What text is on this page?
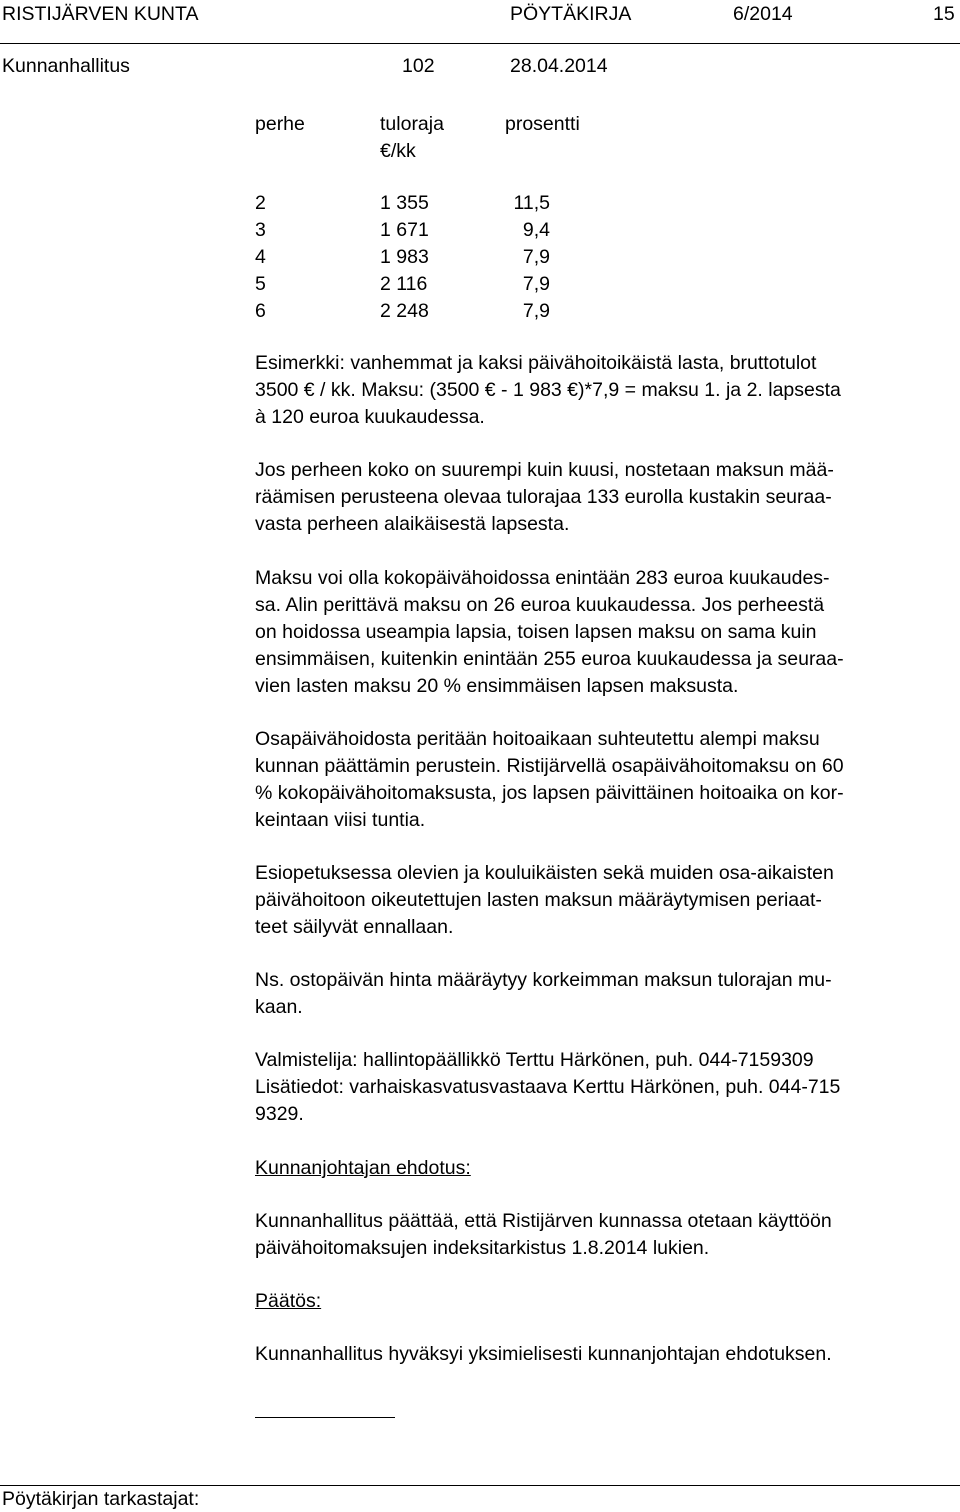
RISTIJÄRVEN KUNTA	PÖYTÄKIRJA	6/2014	15
Kunnanhallitus	102	28.04.2014
perhe	tuloraja	prosentti
€/kk
2	1 355	11,5
3	1 671	9,4
4	1 983	7,9
5	2 116	7,9
6	2 248	7,9
Esimerkki: vanhemmat ja kaksi päivähoitoikäistä lasta, bruttotulot
3500 € / kk. Maksu: (3500 € - 1 983 €)*7,9 = maksu 1. ja 2. lapsesta
à 120 euroa kuukaudessa.
Jos perheen koko on suurempi kuin kuusi, nostetaan maksun mää-
räämisen perusteena olevaa tulorajaa 133 eurolla kustakin seuraa-
vasta perheen alaikäisestä lapsesta.
Maksu voi olla kokopäivähoidossa enintään 283 euroa kuukaudes-
sa. Alin perittävä maksu on 26 euroa kuukaudessa. Jos perheestä
on hoidossa useampia lapsia, toisen lapsen maksu on sama kuin
ensimmäisen, kuitenkin enintään 255 euroa kuukaudessa ja seuraa-
vien lasten maksu 20 % ensimmäisen lapsen maksusta.
Osapäivähoidosta peritään hoitoaikaan suhteutettu alempi maksu
kunnan päättämin perustein. Ristijärvellä osapäivähoitomaksu on 60
% kokopäivähoitomaksusta, jos lapsen päivittäinen hoitoaika on kor-
keintaan viisi tuntia.
Esiopetuksessa olevien ja kouluikäisten sekä muiden osa-aikaisten
päivähoitoon oikeutettujen lasten maksun määräytymisen periaat-
teet säilyvät ennallaan.
Ns. ostopäivän hinta määräytyy korkeimman maksun tulorajan mu-
kaan.
Valmistelija: hallintopäällikkö Terttu Härkönen, puh. 044-7159309
Lisätiedot: varhaiskasvatusvastaava Kerttu Härkönen, puh. 044-715
9329.
Kunnanjohtajan ehdotus:
Kunnanhallitus päättää, että Ristijärven kunnassa otetaan käyttöön
päivähoitomaksujen indeksitarkistus 1.8.2014 lukien.
Päätös:
Kunnanhallitus hyväksyi yksimielisesti kunnanjohtajan ehdotuksen.
Pöytäkirjan tarkastajat:
